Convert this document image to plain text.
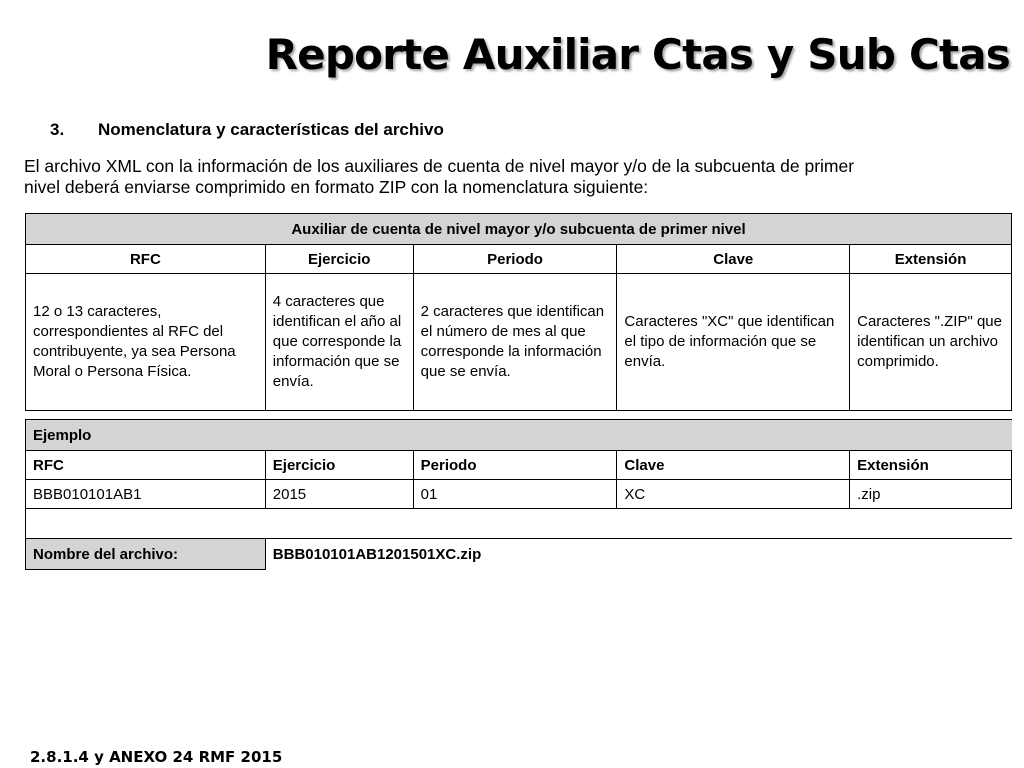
Reporte Auxiliar Ctas y Sub Ctas
3. Nomenclatura y características del archivo

El archivo XML con la información de los auxiliares de cuenta de nivel mayor y/o de la subcuenta de primer
nivel deberá enviarse comprimido en formato ZIP con la nomenclatura siguiente:

Auxiliar de cuenta de nivel mayor y/o subcuenta de primer nivel				
RFC	Ejercicio	Periodo	Clave	Extensión
12 o 13 caracteres, correspondientes al RFC del contribuyente, ya sea Persona Moral o Persona Física.	4 caracteres que identifican el año al que corresponde la información que se envía.	2 caracteres que identifican el número de mes al que corresponde la información que se envía.	Caracteres "XC" que identifican el tipo de información que se envía.	Caracteres ".ZIP" que identifican un archivo comprimido.
Ejemplo				
RFC	Ejercicio	Periodo	Clave	Extensión
BBB010101AB1	2015	01	XC	.zip

Nombre del archivo:	BBB010101AB1201501XC.zip			
2.8.1.4 y ANEXO 24 RMF 2015
